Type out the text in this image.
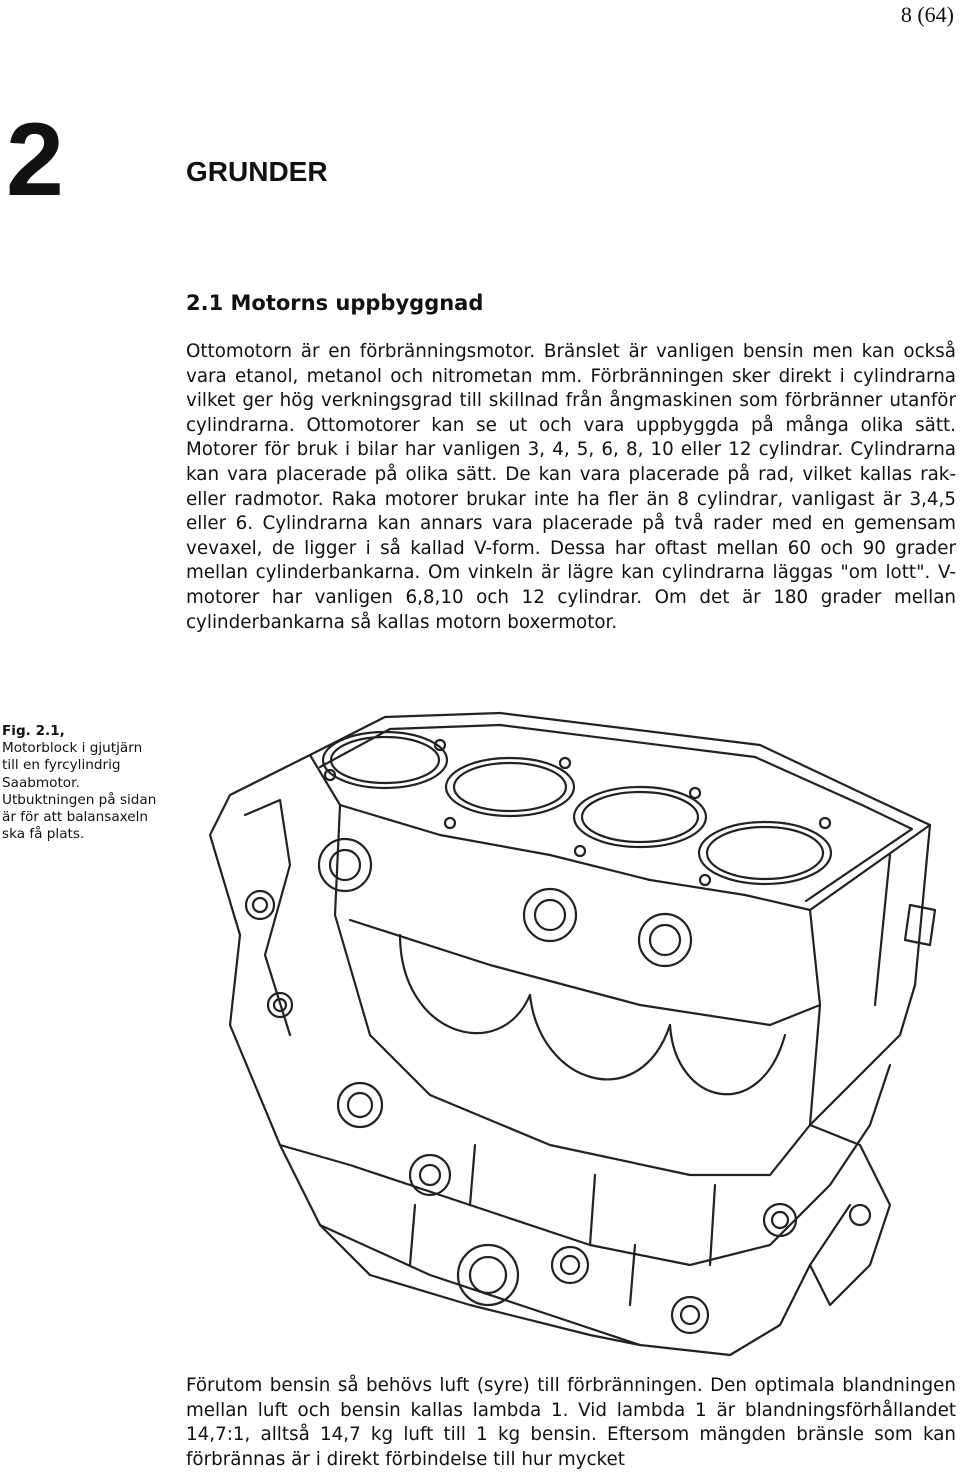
8 (64)
2	GRUNDER
2.1 Motorns uppbyggnad

Ottomotorn är en förbränningsmotor. Bränslet är vanligen bensin men kan också vara etanol, metanol och nitrometan mm. Förbränningen sker direkt i cylindrarna vilket ger hög verkningsgrad till skillnad från ångmaskinen som förbränner utanför cylindrarna. Ottomotorer kan se ut och vara uppbyggda på många olika sätt. Motorer för bruk i bilar har vanligen 3, 4, 5, 6, 8, 10 eller 12 cylindrar. Cylindrarna kan vara placerade på olika sätt. De kan vara placerade på rad, vilket kallas rak- eller radmotor. Raka motorer brukar inte ha fler än 8 cylindrar, vanligast är 3,4,5 eller 6. Cylindrarna kan annars vara placerade på två rader med en gemensam vevaxel, de ligger i så kallad V-form. Dessa har oftast mellan 60 och 90 grader mellan cylinderbankarna. Om vinkeln är lägre kan cylindrarna läggas "om lott". V-motorer har vanligen 6,8,10 och 12 cylindrar. Om det är 180 grader mellan cylinderbankarna så kallas motorn boxermotor.

Fig. 2.1,
Motorblock i gjutjärn till en fyrcylindrig Saabmotor. Utbuktningen på sidan är för att balansaxeln ska få plats.

Förutom bensin så behövs luft (syre) till förbränningen. Den optimala blandningen mellan luft och bensin kallas lambda 1. Vid lambda 1 är blandningsförhållandet 14,7:1, alltså 14,7 kg luft till 1 kg bensin. Eftersom mängden bränsle som kan förbrännas är i direkt förbindelse till hur mycket
